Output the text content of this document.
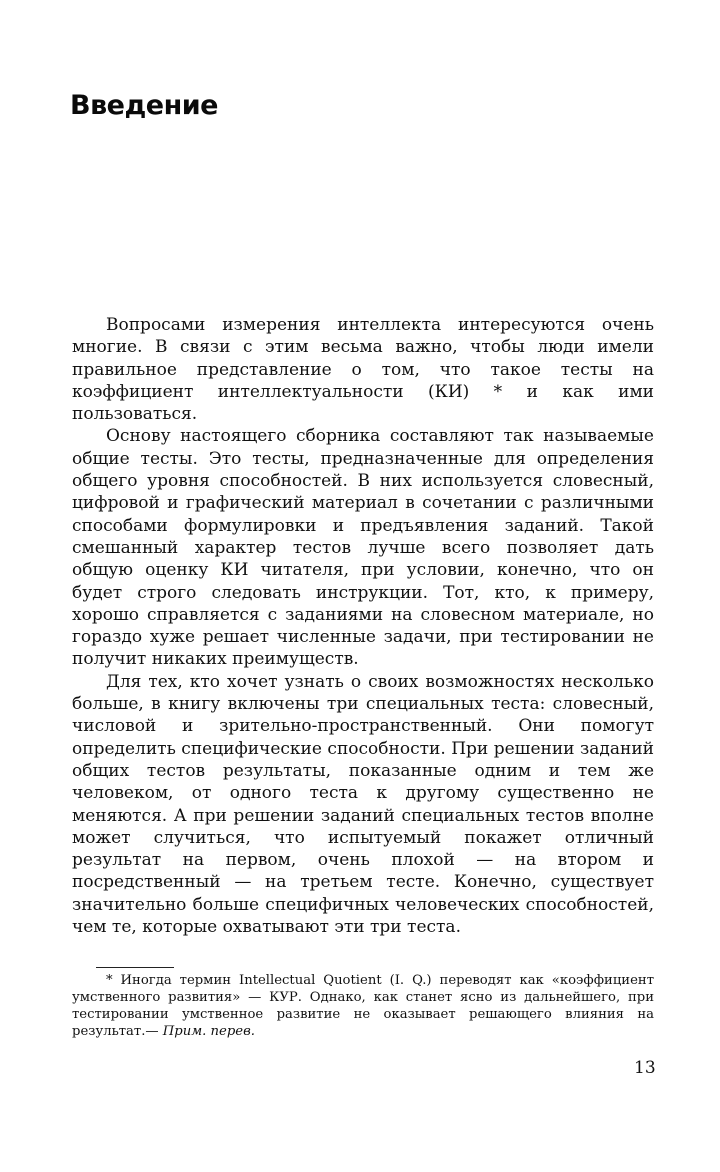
Введение

Вопросами измерения интеллекта интересуются очень многие. В связи с этим весьма важно, чтобы люди имели правильное представление о том, что такое тесты на коэффициент интеллектуальности (КИ) * и как ими пользоваться.

Основу настоящего сборника составляют так называемые общие тесты. Это тесты, предназначенные для определения общего уровня способностей. В них используется словесный, цифровой и графический материал в сочетании с различными способами формулировки и предъявления заданий. Такой смешанный характер тестов лучше всего позволяет дать общую оценку КИ читателя, при условии, конечно, что он будет строго следовать инструкции. Тот, кто, к примеру, хорошо справляется с заданиями на словесном материале, но гораздо хуже решает численные задачи, при тестировании не получит никаких преимуществ.

Для тех, кто хочет узнать о своих возможностях несколько больше, в книгу включены три специальных теста: словесный, числовой и зрительно-пространственный. Они помогут определить специфические способности. При решении заданий общих тестов результаты, показанные одним и тем же человеком, от одного теста к другому существенно не меняются. А при решении заданий специальных тестов вполне может случиться, что испытуемый покажет отличный результат на первом, очень плохой — на втором и посредственный — на третьем тесте. Конечно, существует значительно больше специфичных человеческих способностей, чем те, которые охватывают эти три теста.

* Иногда термин Intellectual Quotient (I. Q.) переводят как «коэффициент умственного развития» — КУР. Однако, как станет ясно из дальнейшего, при тестировании умственное развитие не оказывает решающего влияния на результат.— Прим. перев.

13
